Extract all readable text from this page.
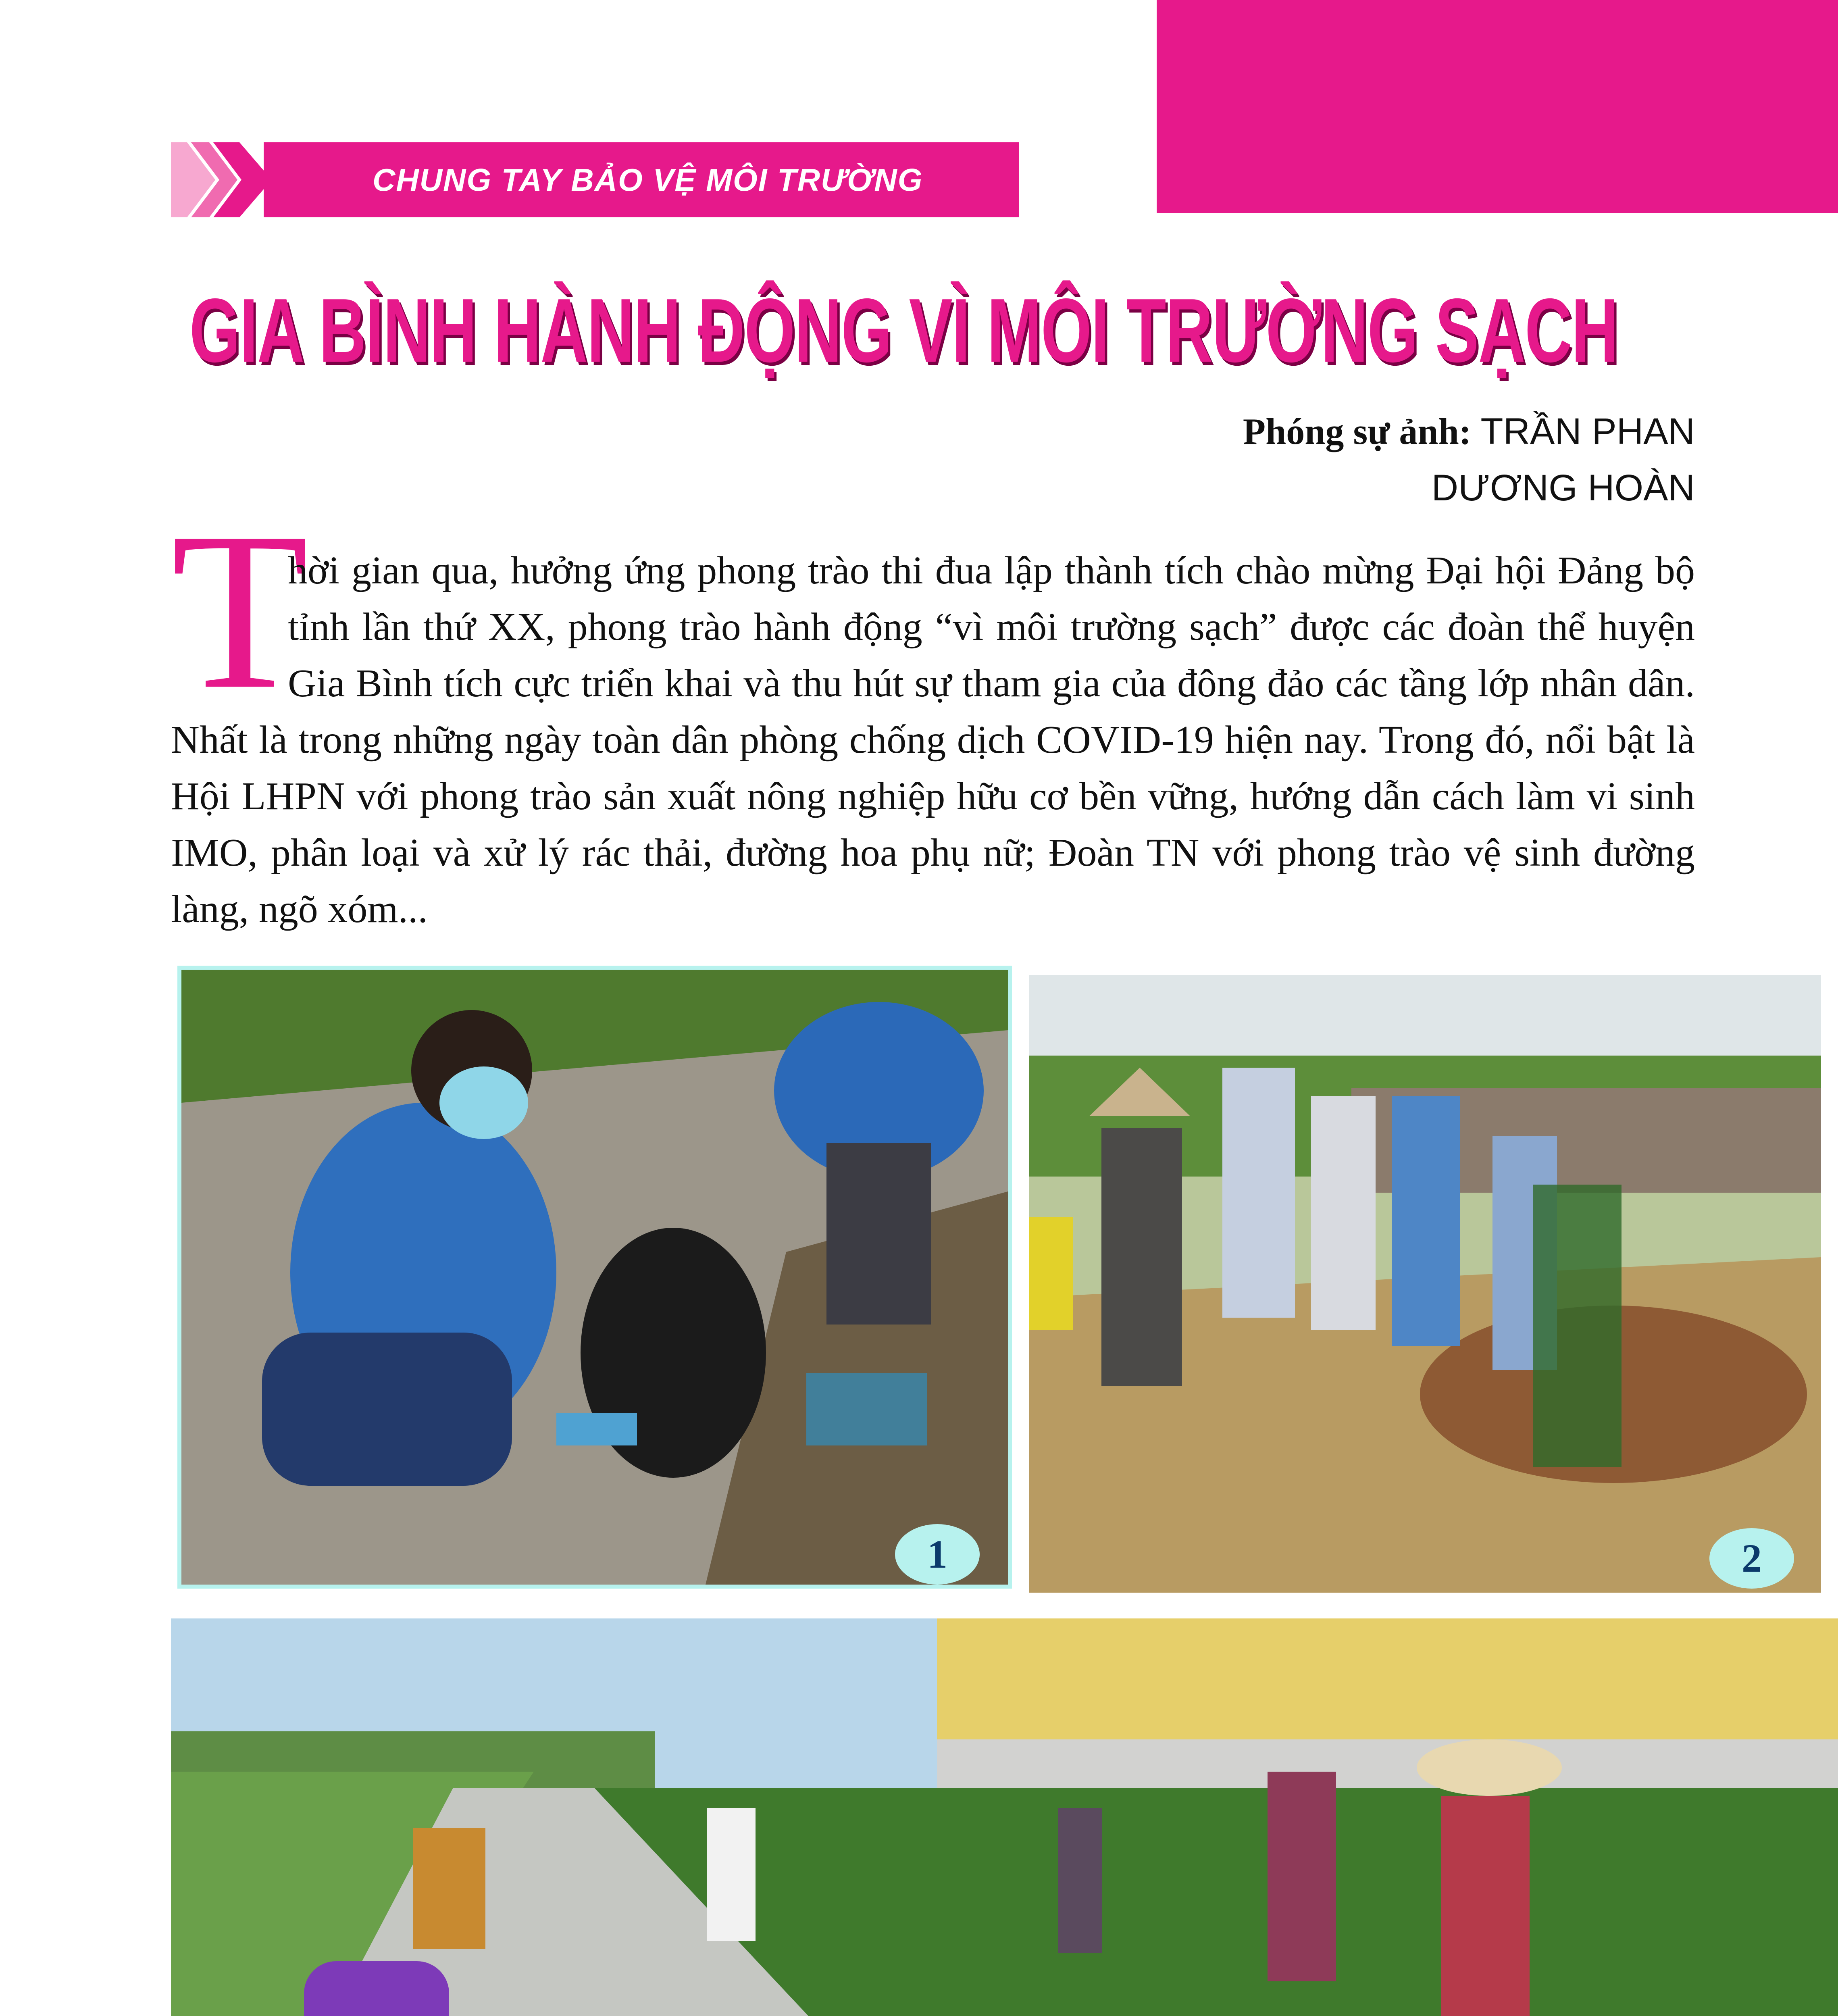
CHUNG TAY BẢO VỆ MÔI TRƯỜNG
GIA BÌNH HÀNH ĐỘNG VÌ MÔI TRƯỜNG SẠCH
Phóng sự ảnh: TRẦN PHAN
DƯƠNG HOÀN
T
hời gian qua, hưởng ứng phong trào thi đua lập thành tích chào mừng Đại hội Đảng bộ tỉnh lần thứ XX, phong trào hành động “vì môi trường sạch” được các đoàn thể huyện Gia Bình tích cực triển khai và thu hút sự tham gia của đông đảo các tầng lớp nhân dân. Nhất là trong những ngày toàn dân phòng chống dịch COVID-19 hiện nay. Trong đó, nổi bật là Hội LHPN với phong trào sản xuất nông nghiệp hữu cơ bền vững, hướng dẫn cách làm vi sinh IMO, phân loại và xử lý rác thải, đường hoa phụ nữ; Đoàn TN với phong trào vệ sinh đường làng, ngõ xóm...
1	2
